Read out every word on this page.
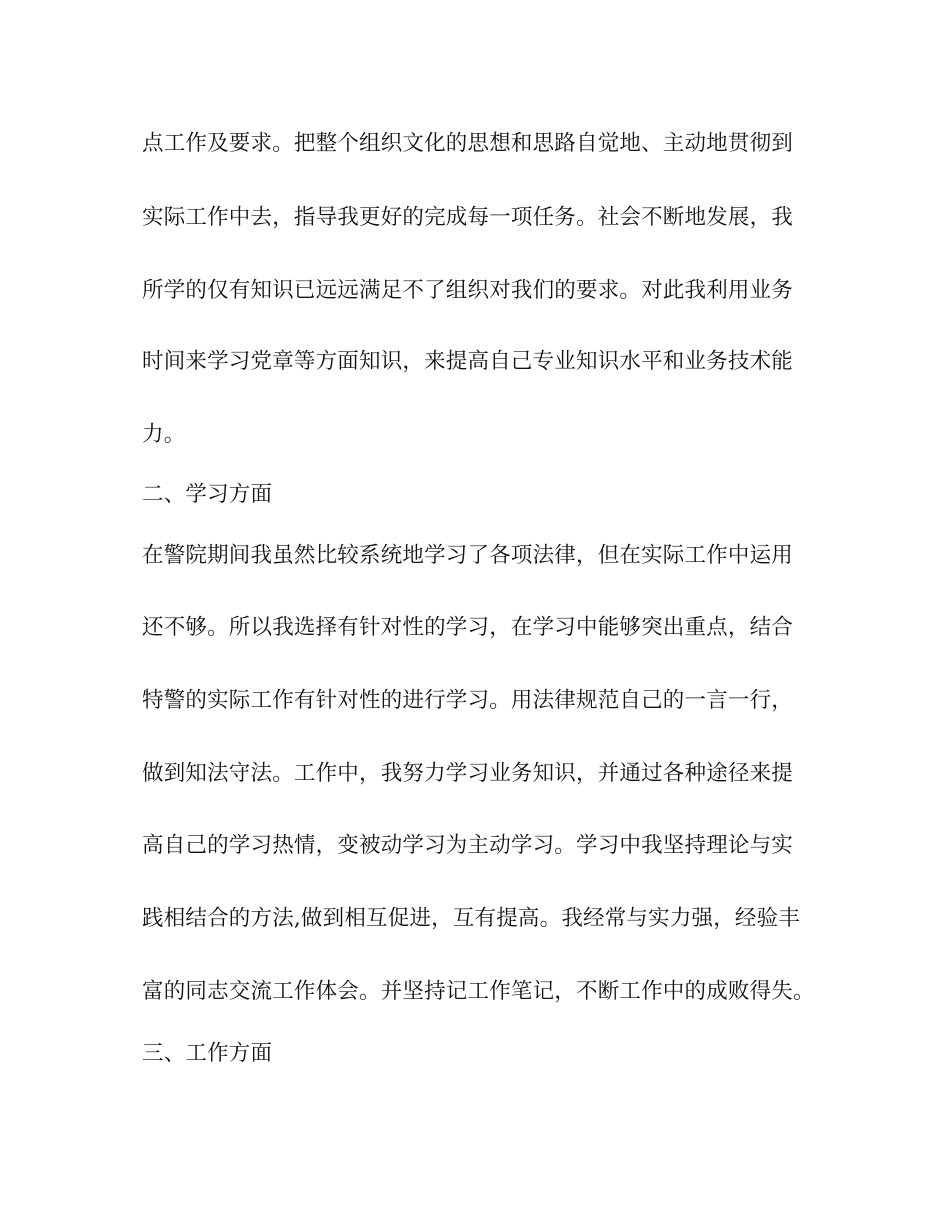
点工作及要求。把整个组织文化的思想和思路自觉地、主动地贯彻到

实际工作中去，指导我更好的完成每一项任务。社会不断地发展，我

所学的仅有知识已远远满足不了组织对我们的要求。对此我利用业务

时间来学习党章等方面知识，来提高自己专业知识水平和业务技术能

力。

二、学习方面

在警院期间我虽然比较系统地学习了各项法律，但在实际工作中运用

还不够。所以我选择有针对性的学习，在学习中能够突出重点，结合

特警的实际工作有针对性的进行学习。用法律规范自己的一言一行，

做到知法守法。工作中，我努力学习业务知识，并通过各种途径来提

高自己的学习热情，变被动学习为主动学习。学习中我坚持理论与实

践相结合的方法,做到相互促进，互有提高。我经常与实力强，经验丰

富的同志交流工作体会。并坚持记工作笔记，不断工作中的成败得失。

三、工作方面
